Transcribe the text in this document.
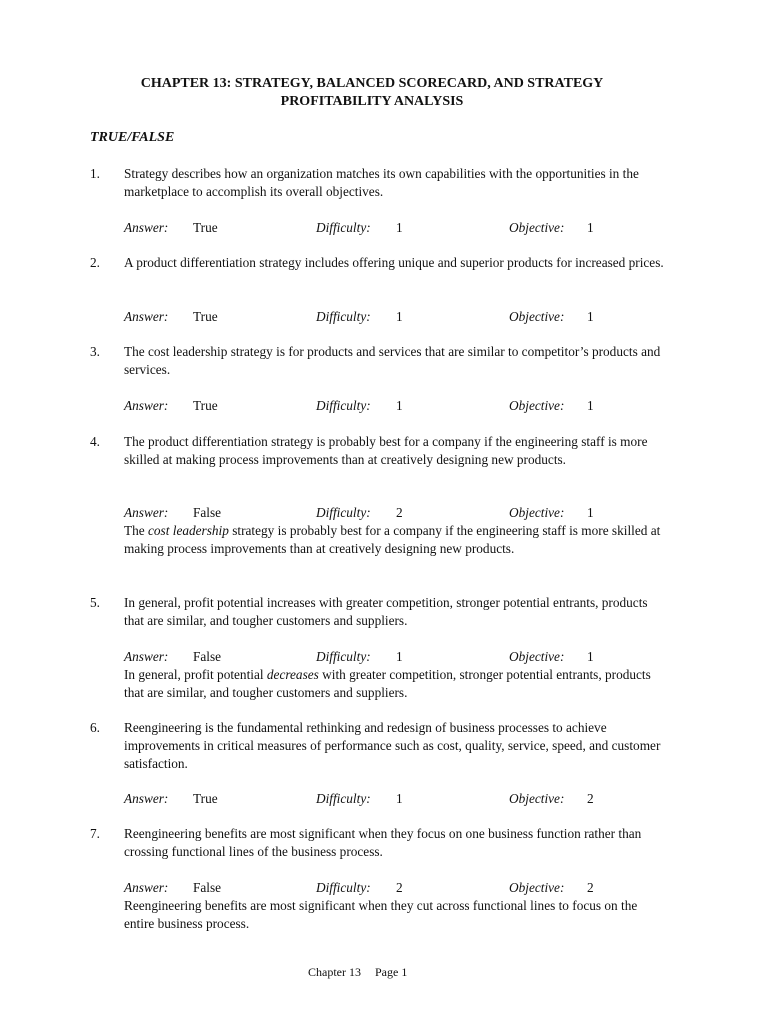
CHAPTER 13: STRATEGY, BALANCED SCORECARD, AND STRATEGY
PROFITABILITY ANALYSIS
TRUE/FALSE
1. Strategy describes how an organization matches its own capabilities with the opportunities in the marketplace to accomplish its overall objectives.
Answer: True	Difficulty: 1	Objective: 1
2. A product differentiation strategy includes offering unique and superior products for increased prices.
Answer: True	Difficulty: 1	Objective: 1
3. The cost leadership strategy is for products and services that are similar to competitor’s products and services.
Answer: True	Difficulty: 1	Objective: 1
4. The product differentiation strategy is probably best for a company if the engineering staff is more skilled at making process improvements than at creatively designing new products.
Answer: False	Difficulty: 2	Objective: 1
The cost leadership strategy is probably best for a company if the engineering staff is more skilled at making process improvements than at creatively designing new products.
5. In general, profit potential increases with greater competition, stronger potential entrants, products that are similar, and tougher customers and suppliers.
Answer: False	Difficulty: 1	Objective: 1
In general, profit potential decreases with greater competition, stronger potential entrants, products that are similar, and tougher customers and suppliers.
6. Reengineering is the fundamental rethinking and redesign of business processes to achieve improvements in critical measures of performance such as cost, quality, service, speed, and customer satisfaction.
Answer: True	Difficulty: 1	Objective: 2
7. Reengineering benefits are most significant when they focus on one business function rather than crossing functional lines of the business process.
Answer: False	Difficulty: 2	Objective: 2
Reengineering benefits are most significant when they cut across functional lines to focus on the entire business process.
Chapter 13 Page 1
